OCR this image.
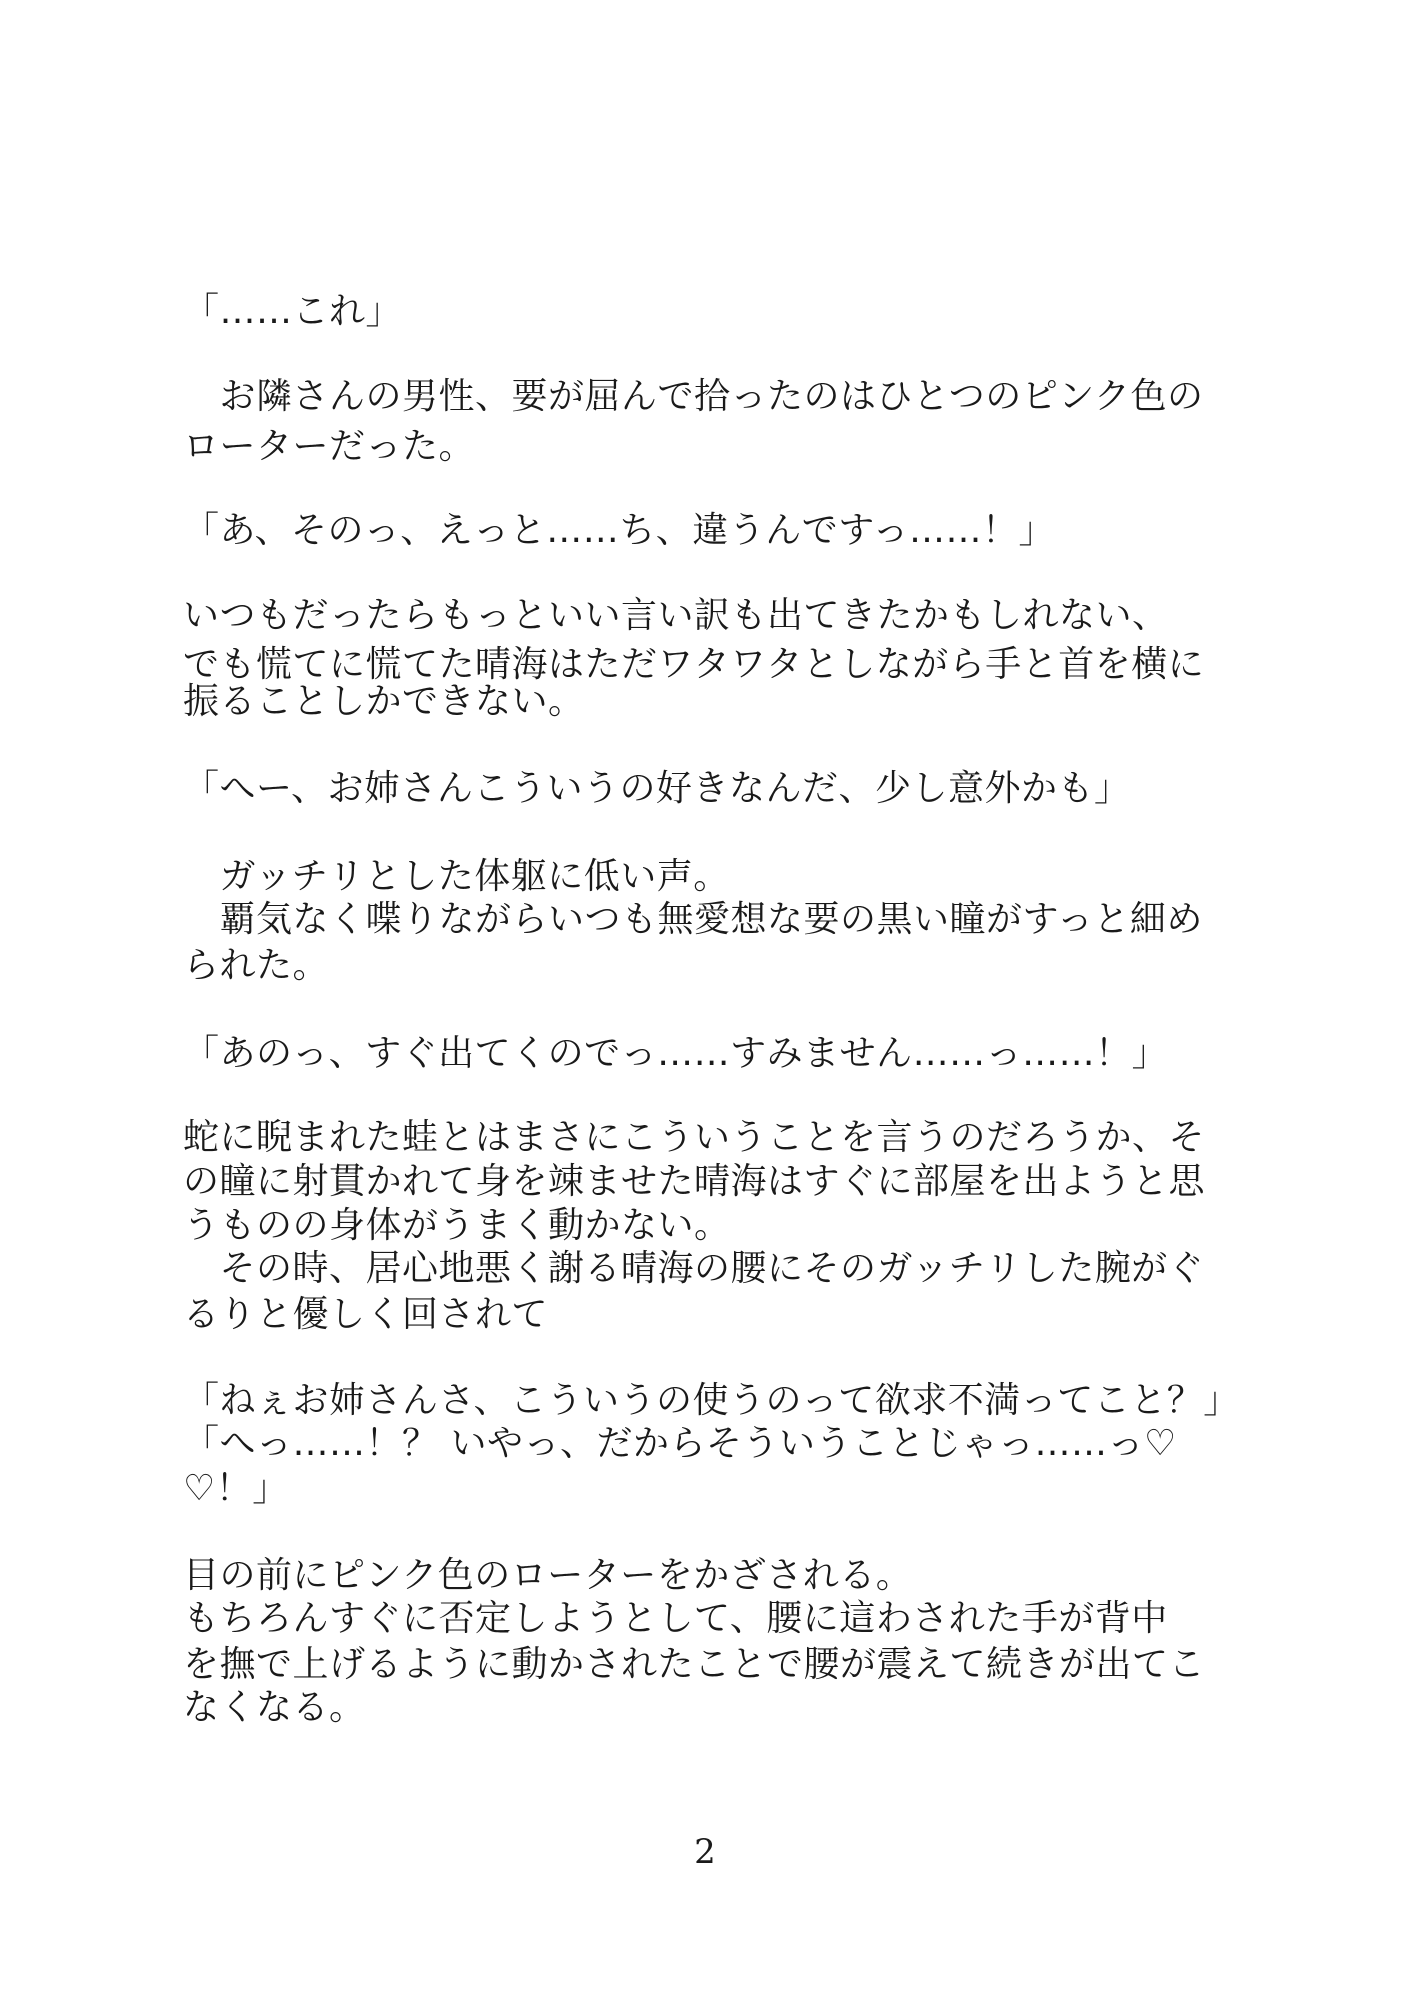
「……これ」
　お隣さんの男性、要が屈んで拾ったのはひとつのピンク色の
ローターだった。
「あ、そのっ、えっと……ち、違うんですっ……！」
いつもだったらもっといい言い訳も出てきたかもしれない、
でも慌てに慌てた晴海はただワタワタとしながら手と首を横に
振ることしかできない。
「へー、お姉さんこういうの好きなんだ、少し意外かも」
　ガッチリとした体躯に低い声。
　覇気なく喋りながらいつも無愛想な要の黒い瞳がすっと細め
られた。
「あのっ、すぐ出てくのでっ……すみません……っ……！」
蛇に睨まれた蛙とはまさにこういうことを言うのだろうか、そ
の瞳に射貫かれて身を竦ませた晴海はすぐに部屋を出ようと思
うものの身体がうまく動かない。
　その時、居心地悪く謝る晴海の腰にそのガッチリした腕がぐ
るりと優しく回されて
「ねぇお姉さんさ、こういうの使うのって欲求不満ってこと？」
「へっ……！？ いやっ、だからそういうことじゃっ……っ♡
♡！」
目の前にピンク色のローターをかざされる。
もちろんすぐに否定しようとして、腰に這わされた手が背中
を撫で上げるように動かされたことで腰が震えて続きが出てこ
なくなる。
2
